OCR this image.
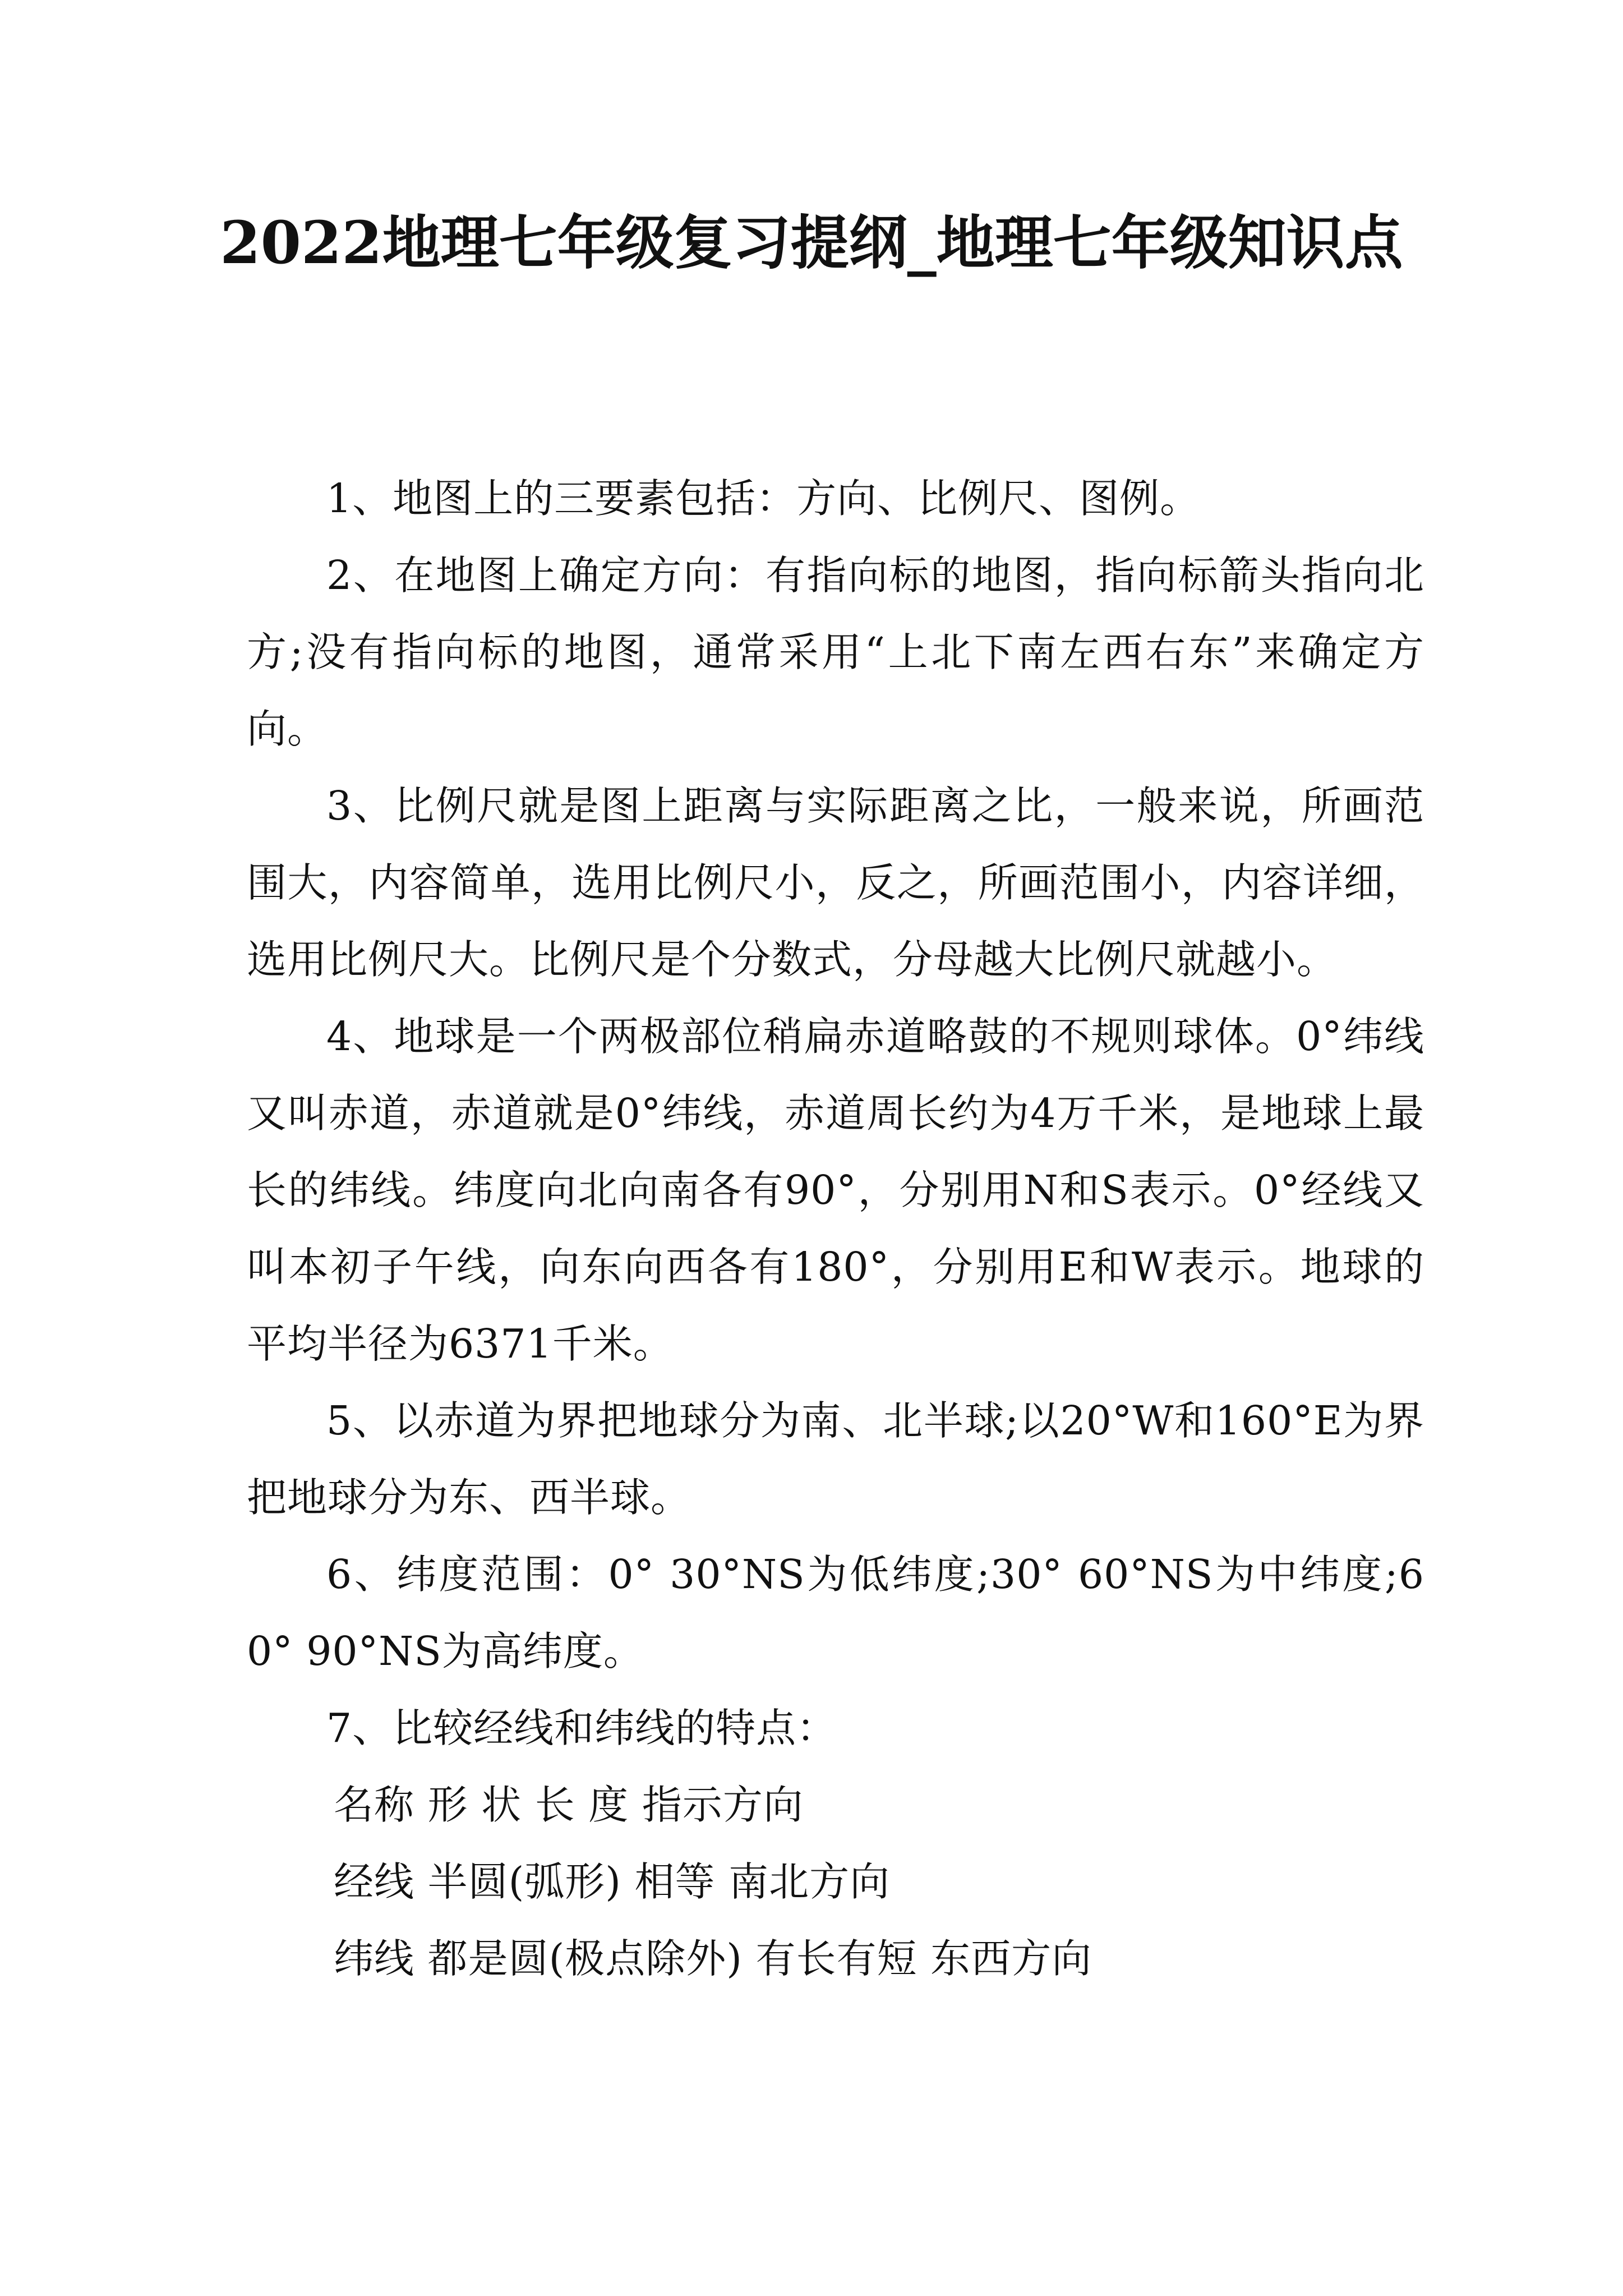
2022地理七年级复习提纲_地理七年级知识点

1、地图上的三要素包括：方向、比例尺、图例。

2、在地图上确定方向：有指向标的地图，指向标箭头指向北方;没有指向标的地图，通常采用“上北下南左西右东”来确定方向。

3、比例尺就是图上距离与实际距离之比，一般来说，所画范围大，内容简单，选用比例尺小，反之，所画范围小，内容详细，选用比例尺大。比例尺是个分数式，分母越大比例尺就越小。

4、地球是一个两极部位稍扁赤道略鼓的不规则球体。0°纬线又叫赤道，赤道就是0°纬线，赤道周长约为4万千米，是地球上最长的纬线。纬度向北向南各有90°，分别用N和S表示。0°经线又叫本初子午线，向东向西各有180°，分别用E和W表示。地球的平均半径为6371千米。

5、以赤道为界把地球分为南、北半球;以20°W和160°E为界把地球分为东、西半球。

6、纬度范围：0° 30°NS为低纬度;30° 60°NS为中纬度;60° 90°NS为高纬度。

7、比较经线和纬线的特点：

名称 形 状 长 度 指示方向

经线 半圆(弧形) 相等 南北方向

纬线 都是圆(极点除外) 有长有短 东西方向
